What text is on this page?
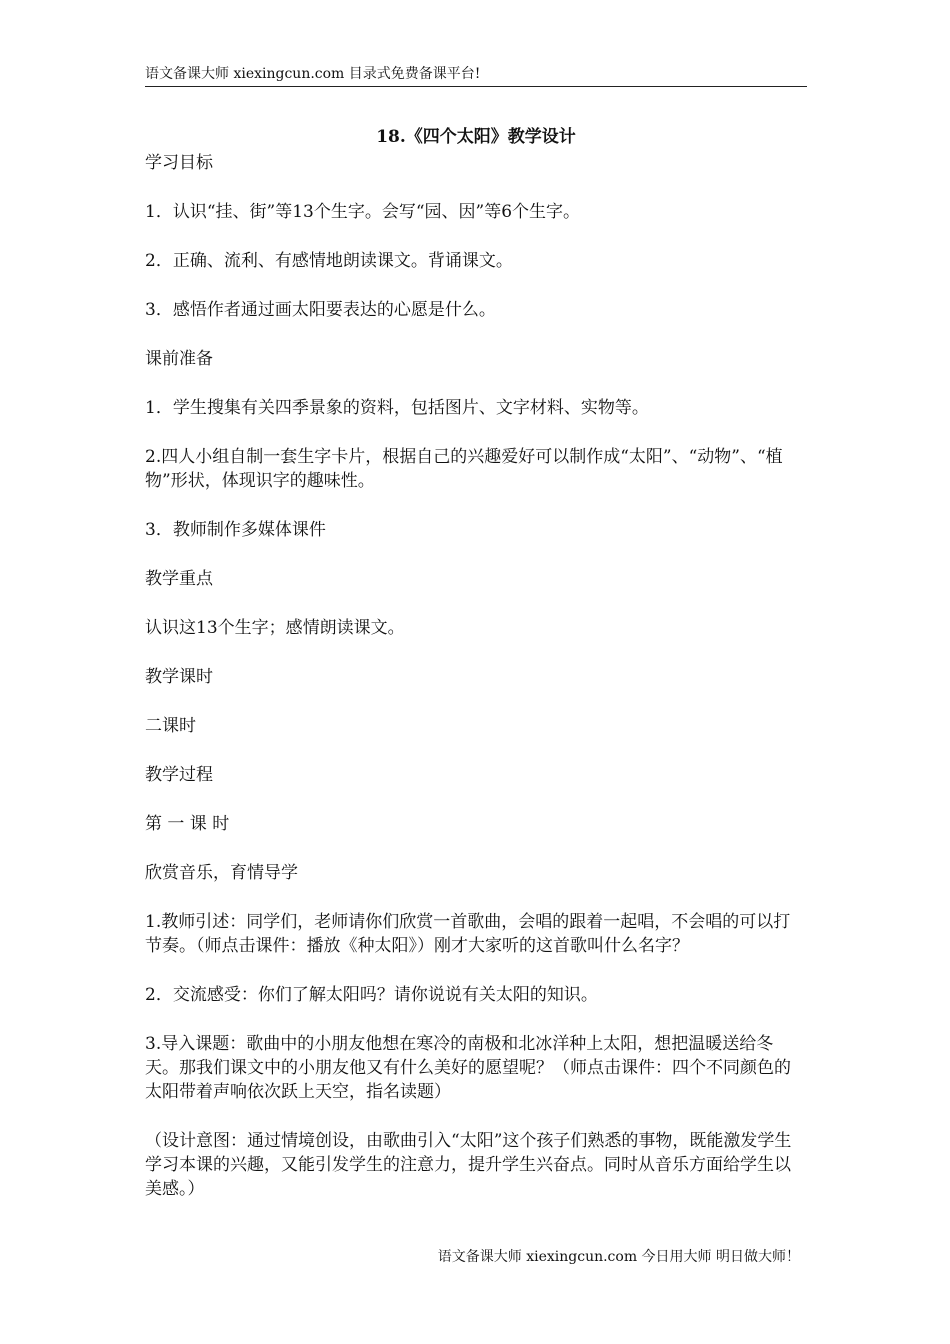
语文备课大师 xiexingcun.com 目录式免费备课平台!
18.《四个太阳》教学设计

学习目标

1．认识“挂、街”等13个生字。会写“园、因”等6个生字。

2．正确、流利、有感情地朗读课文。背诵课文。

3．感悟作者通过画太阳要表达的心愿是什么。

课前准备

1．学生搜集有关四季景象的资料，包括图片、文字材料、实物等。

2.四人小组自制一套生字卡片，根据自己的兴趣爱好可以制作成“太阳”、“动物”、“植物”形状，体现识字的趣味性。

3．教师制作多媒体课件

教学重点

认识这13个生字；感情朗读课文。

教学课时

二课时

教学过程

第 一 课 时

欣赏音乐，育情导学

1.教师引述：同学们，老师请你们欣赏一首歌曲，会唱的跟着一起唱，不会唱的可以打节奏。（师点击课件：播放《种太阳》）刚才大家听的这首歌叫什么名字？

2．交流感受：你们了解太阳吗？请你说说有关太阳的知识。

3.导入课题：歌曲中的小朋友他想在寒冷的南极和北冰洋种上太阳，想把温暖送给冬天。那我们课文中的小朋友他又有什么美好的愿望呢？（师点击课件：四个不同颜色的太阳带着声响依次跃上天空，指名读题）

（设计意图：通过情境创设，由歌曲引入“太阳”这个孩子们熟悉的事物，既能激发学生学习本课的兴趣，又能引发学生的注意力，提升学生兴奋点。同时从音乐方面给学生以美感。）

语文备课大师 xiexingcun.com 今日用大师 明日做大师！
